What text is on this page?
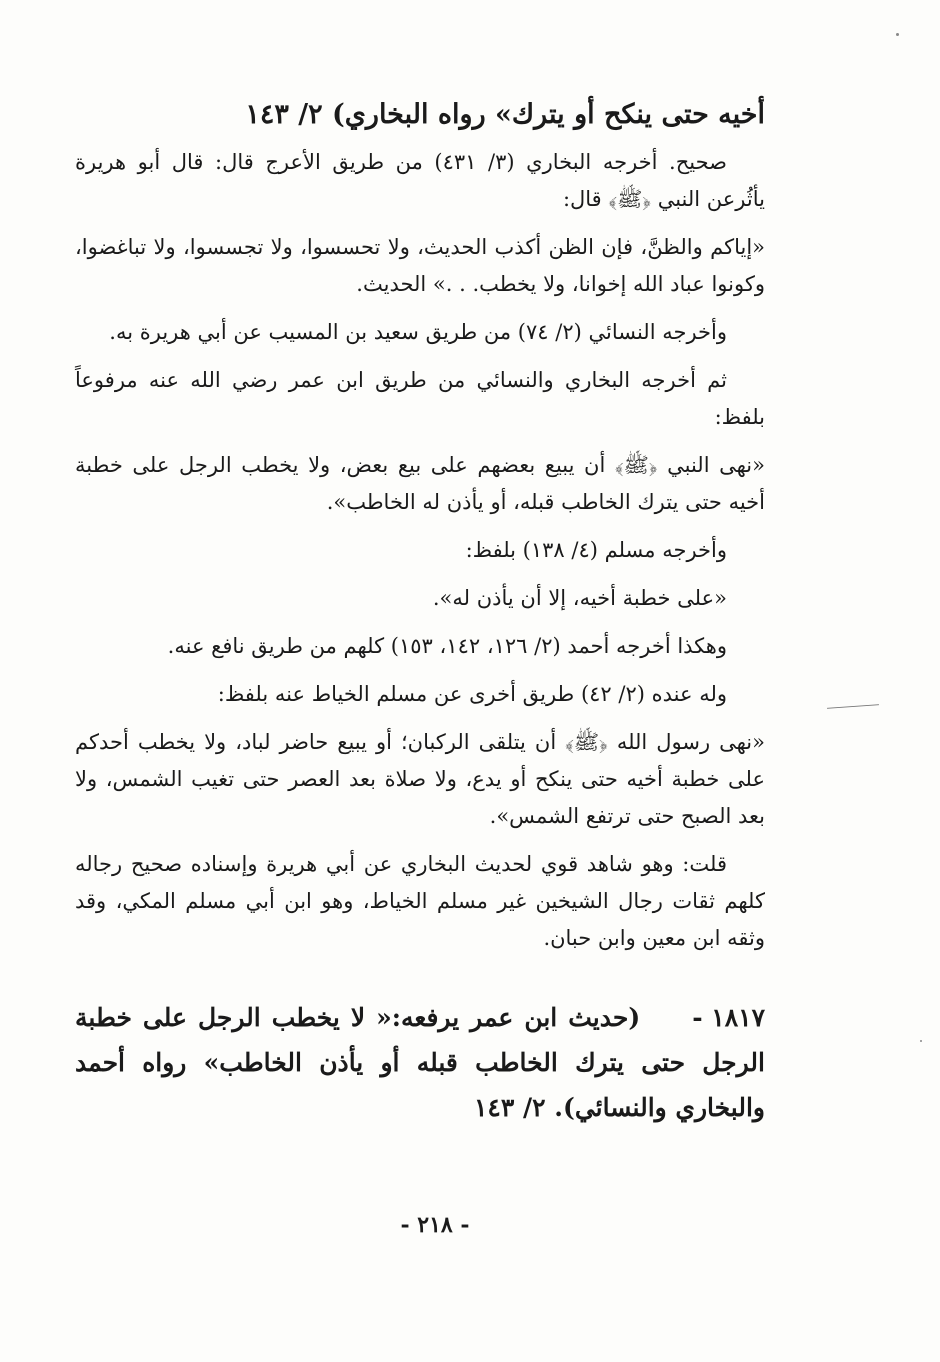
أخيه حتى ينكح أو يترك» رواه البخاري) ٢/ ١٤٣

صحيح. أخرجه البخاري (٣/ ٤٣١) من طريق الأعرج قال: قال أبو هريرة يأثُرعن النبي ﴿ﷺ﴾ قال:

«إياكم والظنَّ، فإن الظن أكذب الحديث، ولا تحسسوا، ولا تجسسوا، ولا تباغضوا، وكونوا عباد الله إخوانا، ولا يخطب. . .» الحديث.

وأخرجه النسائي (٢/ ٧٤) من طريق سعيد بن المسيب عن أبي هريرة به.

ثم أخرجه البخاري والنسائي من طريق ابن عمر رضي الله عنه مرفوعاً بلفظ:

«نهى النبي ﴿ﷺ﴾ أن يبيع بعضهم على بيع بعض، ولا يخطب الرجل على خطبة أخيه حتى يترك الخاطب قبله، أو يأذن له الخاطب».

وأخرجه مسلم (٤/ ١٣٨) بلفظ:

«على خطبة أخيه، إلا أن يأذن له».

وهكذا أخرجه أحمد (٢/ ١٢٦، ١٤٢، ١٥٣) كلهم من طريق نافع عنه.

وله عنده (٢/ ٤٢) طريق أخرى عن مسلم الخياط عنه بلفظ:

«نهى رسول الله ﴿ﷺ﴾ أن يتلقى الركبان؛ أو يبيع حاضر لباد، ولا يخطب أحدكم على خطبة أخيه حتى ينكح أو يدع، ولا صلاة بعد العصر حتى تغيب الشمس، ولا بعد الصبح حتى ترتفع الشمس».

قلت: وهو شاهد قوي لحديث البخاري عن أبي هريرة وإسناده صحيح رجاله كلهم ثقات رجال الشيخين غير مسلم الخياط، وهو ابن أبي مسلم المكي، وقد وثقه ابن معين وابن حبان.

١٨١٧ -(حديث ابن عمر يرفعه:« لا يخطب الرجل على خطبة الرجل حتى يترك الخاطب قبله أو يأذن الخاطب» رواه أحمد والبخاري والنسائي). ٢/ ١٤٣
- ٢١٨ -
